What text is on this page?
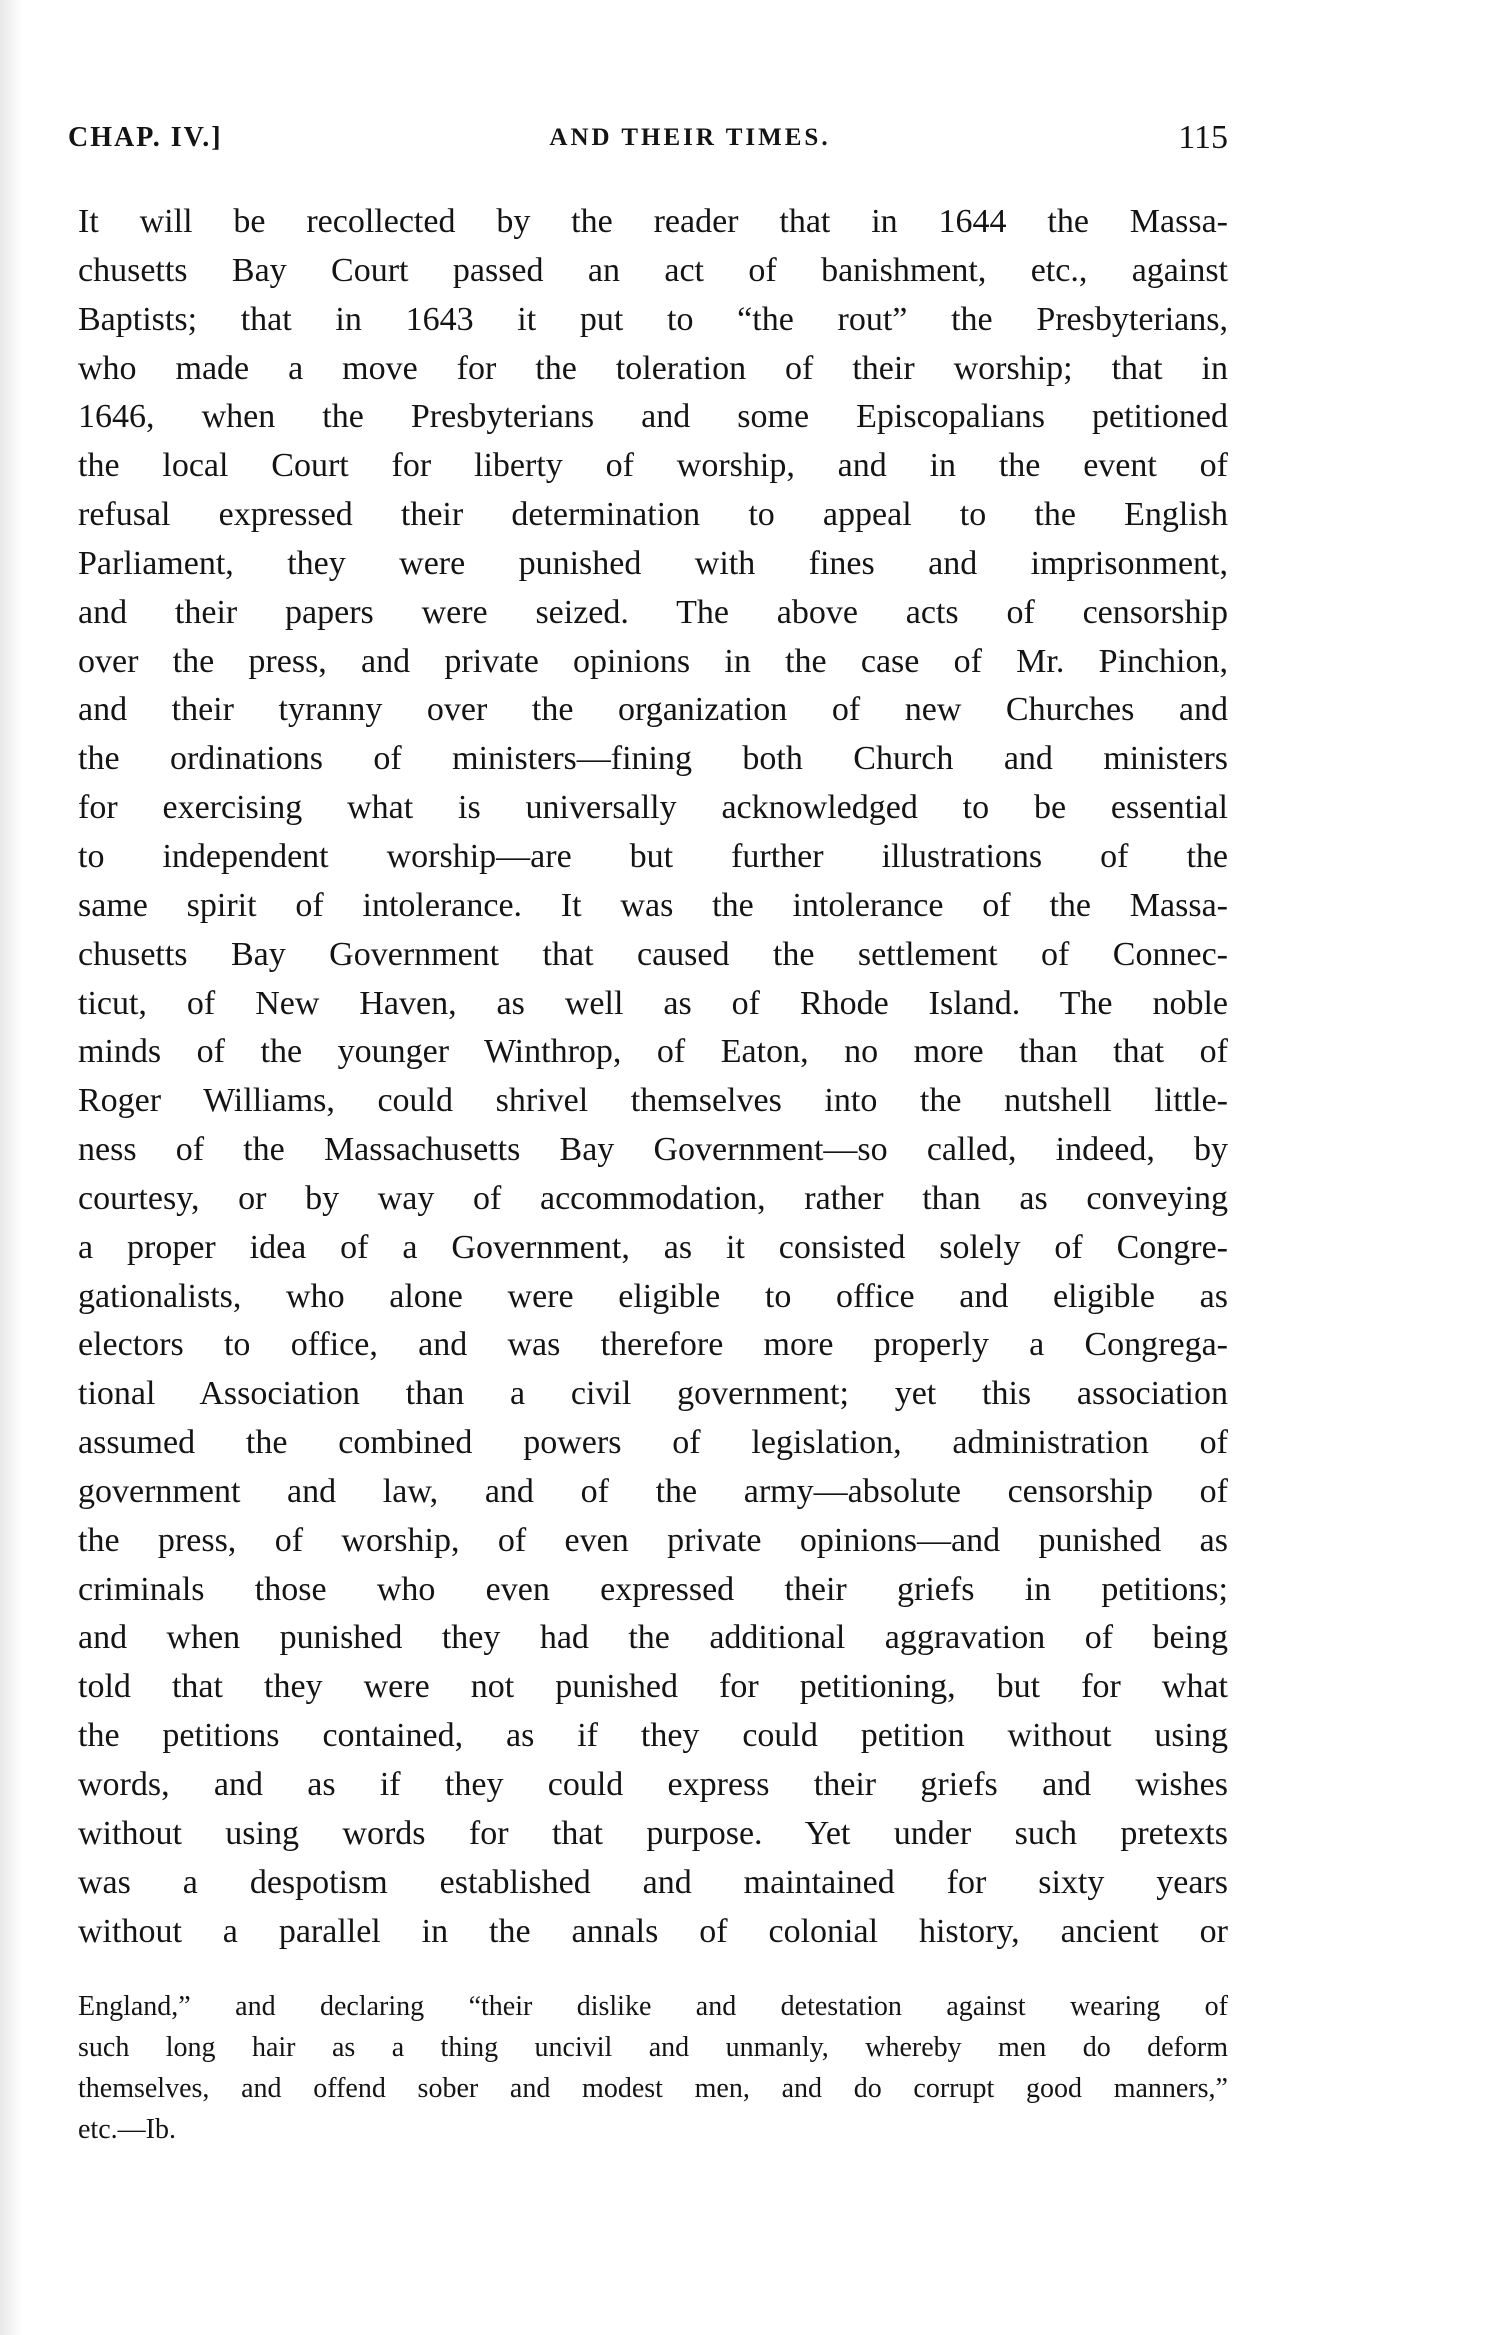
CHAP. IV.]	AND THEIR TIMES.	115
It will be recollected by the reader that in 1644 the Massa-
chusetts Bay Court passed an act of banishment, etc., against
Baptists; that in 1643 it put to “the rout” the Presbyterians,
who made a move for the toleration of their worship; that in
1646, when the Presbyterians and some Episcopalians petitioned
the local Court for liberty of worship, and in the event of
refusal expressed their determination to appeal to the English
Parliament, they were punished with fines and imprisonment,
and their papers were seized. The above acts of censorship
over the press, and private opinions in the case of Mr. Pinchion,
and their tyranny over the organization of new Churches and
the ordinations of ministers—fining both Church and ministers
for exercising what is universally acknowledged to be essential
to independent worship—are but further illustrations of the
same spirit of intolerance. It was the intolerance of the Massa-
chusetts Bay Government that caused the settlement of Connec-
ticut, of New Haven, as well as of Rhode Island. The noble
minds of the younger Winthrop, of Eaton, no more than that of
Roger Williams, could shrivel themselves into the nutshell little-
ness of the Massachusetts Bay Government—so called, indeed, by
courtesy, or by way of accommodation, rather than as conveying
a proper idea of a Government, as it consisted solely of Congre-
gationalists, who alone were eligible to office and eligible as
electors to office, and was therefore more properly a Congrega-
tional Association than a civil government; yet this association
assumed the combined powers of legislation, administration of
government and law, and of the army—absolute censorship of
the press, of worship, of even private opinions—and punished as
criminals those who even expressed their griefs in petitions;
and when punished they had the additional aggravation of being
told that they were not punished for petitioning, but for what
the petitions contained, as if they could petition without using
words, and as if they could express their griefs and wishes
without using words for that purpose. Yet under such pretexts
was a despotism established and maintained for sixty years
without a parallel in the annals of colonial history, ancient or
England,” and declaring “their dislike and detestation against wearing of
such long hair as a thing uncivil and unmanly, whereby men do deform
themselves, and offend sober and modest men, and do corrupt good manners,”
etc.—Ib.
